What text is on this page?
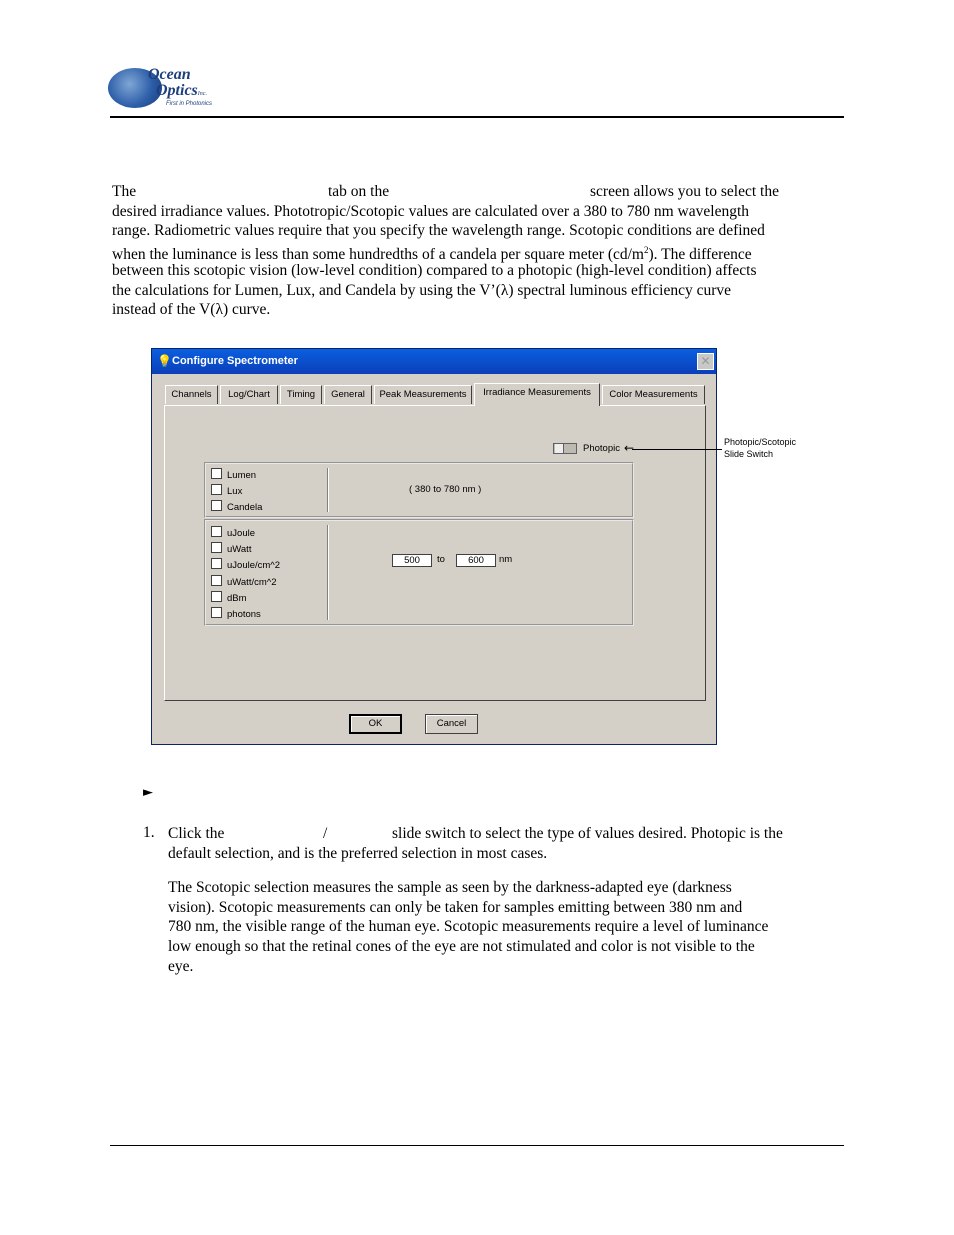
Ocean
OpticsInc.
First in Photonics
The	tab on the	screen allows you to select the
desired irradiance values. Phototropic/Scotopic values are calculated over a 380 to 780 nm wavelength
range. Radiometric values require that you specify the wavelength range. Scotopic conditions are defined
when the luminance is less than some hundredths of a candela per square meter $(cd/m^2)$. The difference
between this scotopic vision (low-level condition) compared to a photopic (high-level condition) affects
the calculations for Lumen, Lux, and Candela by using the V’(λ) spectral luminous efficiency curve
instead of the V(λ) curve.
💡 Configure Spectrometer	✕
Channels	Log/Chart	Timing	General	Peak Measurements	Irradiance Measurements	Color Measurements
Photopic
Lumen
Lux
Candela
( 380 to 780 nm )
uJoule
uWatt
uJoule/cm^2
uWatt/cm^2
dBm
photons
500	to	600	nm
OK	Cancel
←	Photopic/Scotopic
Slide Switch
►
1. Click the	/	slide switch to select the type of values desired. Photopic is the
default selection, and is the preferred selection in most cases.
The Scotopic selection measures the sample as seen by the darkness-adapted eye (darkness
vision). Scotopic measurements can only be taken for samples emitting between 380 nm and
780 nm, the visible range of the human eye. Scotopic measurements require a level of luminance
low enough so that the retinal cones of the eye are not stimulated and color is not visible to the
eye.
